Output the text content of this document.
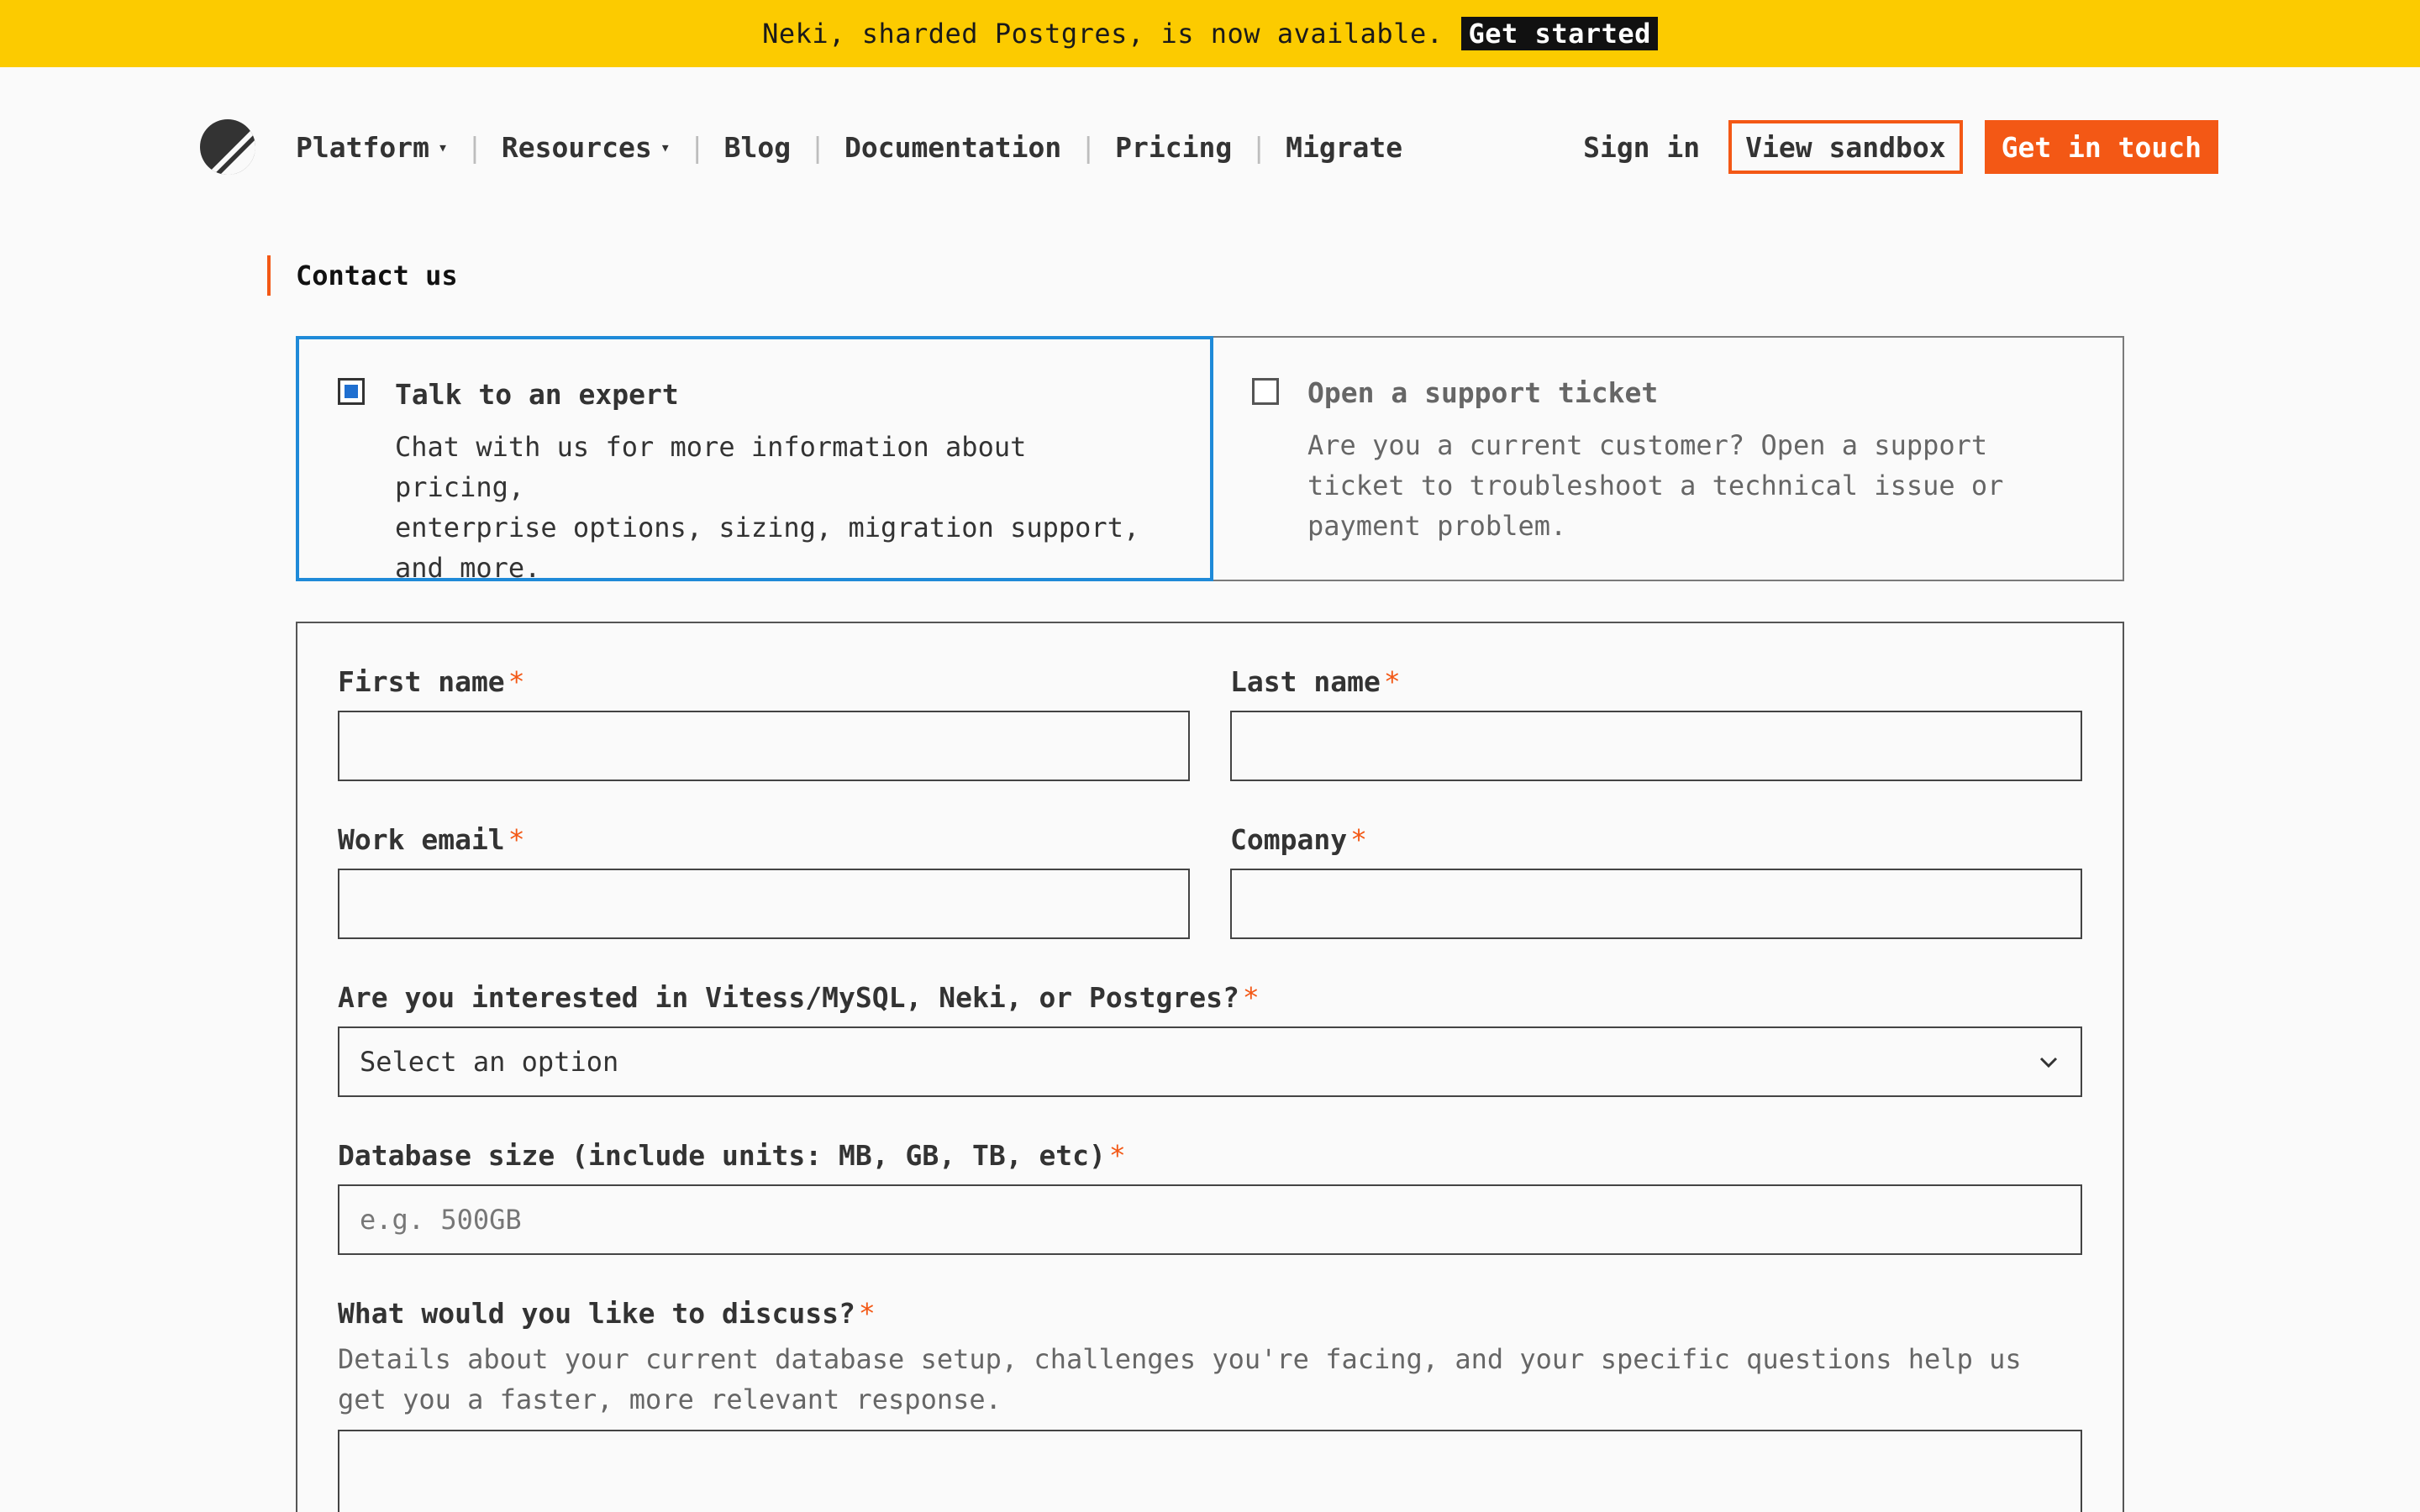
Neki, sharded Postgres, is now available. Get started
Platform ▾ | Resources ▾ | Blog | Documentation | Pricing | Migrate	Sign in	View sandbox	Get in touch
Contact us
Talk to an expert
Chat with us for more information about pricing,
enterprise options, sizing, migration support,
and more.
Open a support ticket
Are you a current customer? Open a support
ticket to troubleshoot a technical issue or
payment problem.
First name *	Last name *
Work email *	Company *
Are you interested in Vitess/MySQL, Neki, or Postgres? *
Select an option
Database size (include units: MB, GB, TB, etc) *
e.g. 500GB
What would you like to discuss? *
Details about your current database setup, challenges you're facing, and your specific questions help us
get you a faster, more relevant response.
